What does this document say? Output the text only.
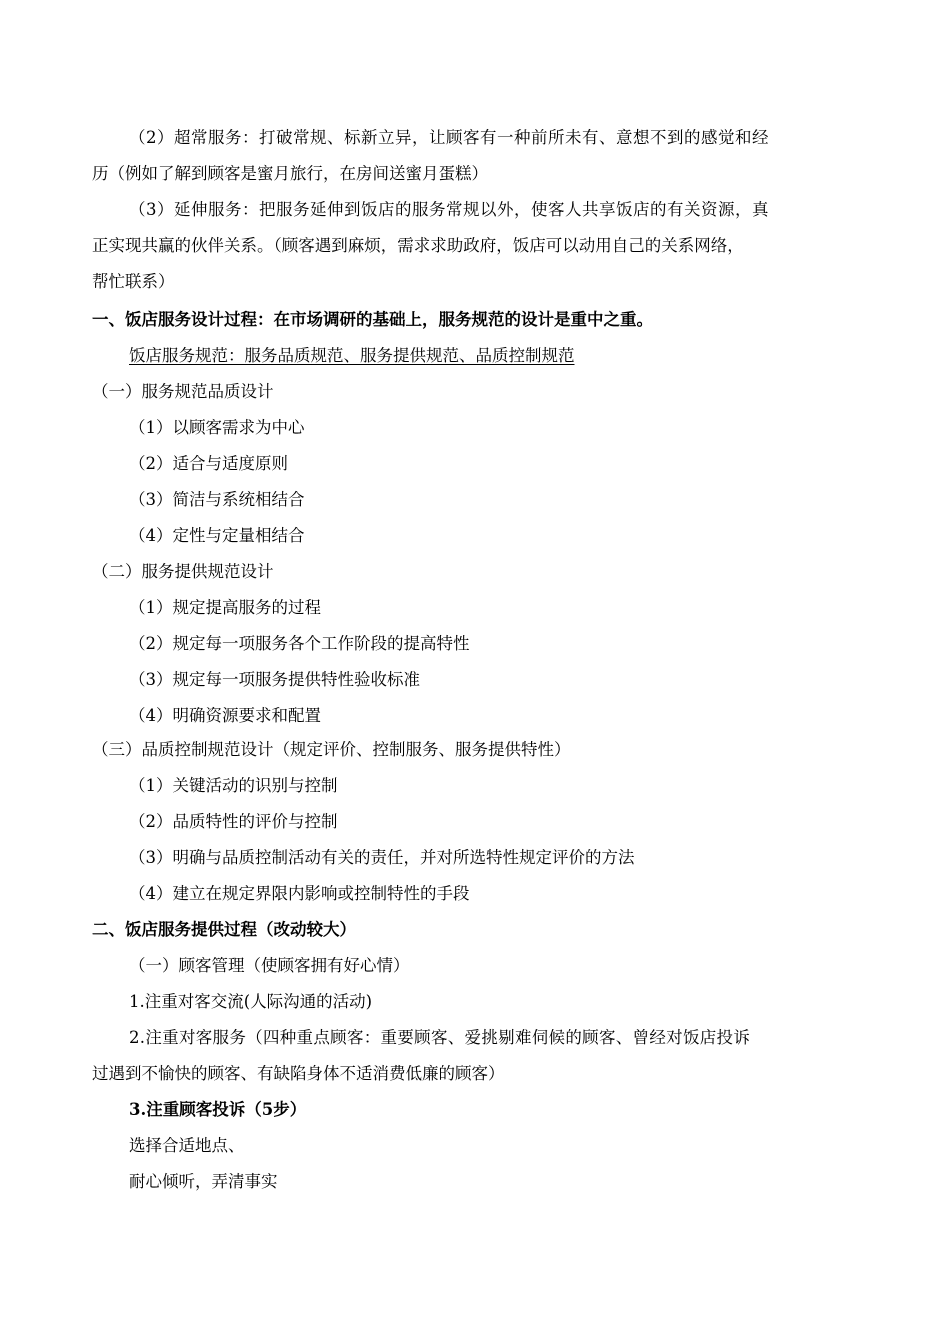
（2）超常服务：打破常规、标新立异，让顾客有一种前所未有、意想不到的感觉和经
历（例如了解到顾客是蜜月旅行，在房间送蜜月蛋糕）
（3）延伸服务：把服务延伸到饭店的服务常规以外，使客人共享饭店的有关资源，真
正实现共赢的伙伴关系。（顾客遇到麻烦，需求求助政府，饭店可以动用自己的关系网络，
帮忙联系）
一、饭店服务设计过程：在市场调研的基础上，服务规范的设计是重中之重。
饭店服务规范：服务品质规范、服务提供规范、品质控制规范
（一）服务规范品质设计
（1）以顾客需求为中心
（2）适合与适度原则
（3）简洁与系统相结合
（4）定性与定量相结合
（二）服务提供规范设计
（1）规定提高服务的过程
（2）规定每一项服务各个工作阶段的提高特性
（3）规定每一项服务提供特性验收标准
（4）明确资源要求和配置
（三）品质控制规范设计（规定评价、控制服务、服务提供特性）
（1）关键活动的识别与控制
（2）品质特性的评价与控制
（3）明确与品质控制活动有关的责任，并对所选特性规定评价的方法
（4）建立在规定界限内影响或控制特性的手段
二、饭店服务提供过程（改动较大）
（一）顾客管理（使顾客拥有好心情）
1.注重对客交流(人际沟通的活动)
2.注重对客服务（四种重点顾客：重要顾客、爱挑剔难伺候的顾客、曾经对饭店投诉
过遇到不愉快的顾客、有缺陷身体不适消费低廉的顾客）
3.注重顾客投诉（5步）
选择合适地点、
耐心倾听，弄清事实
